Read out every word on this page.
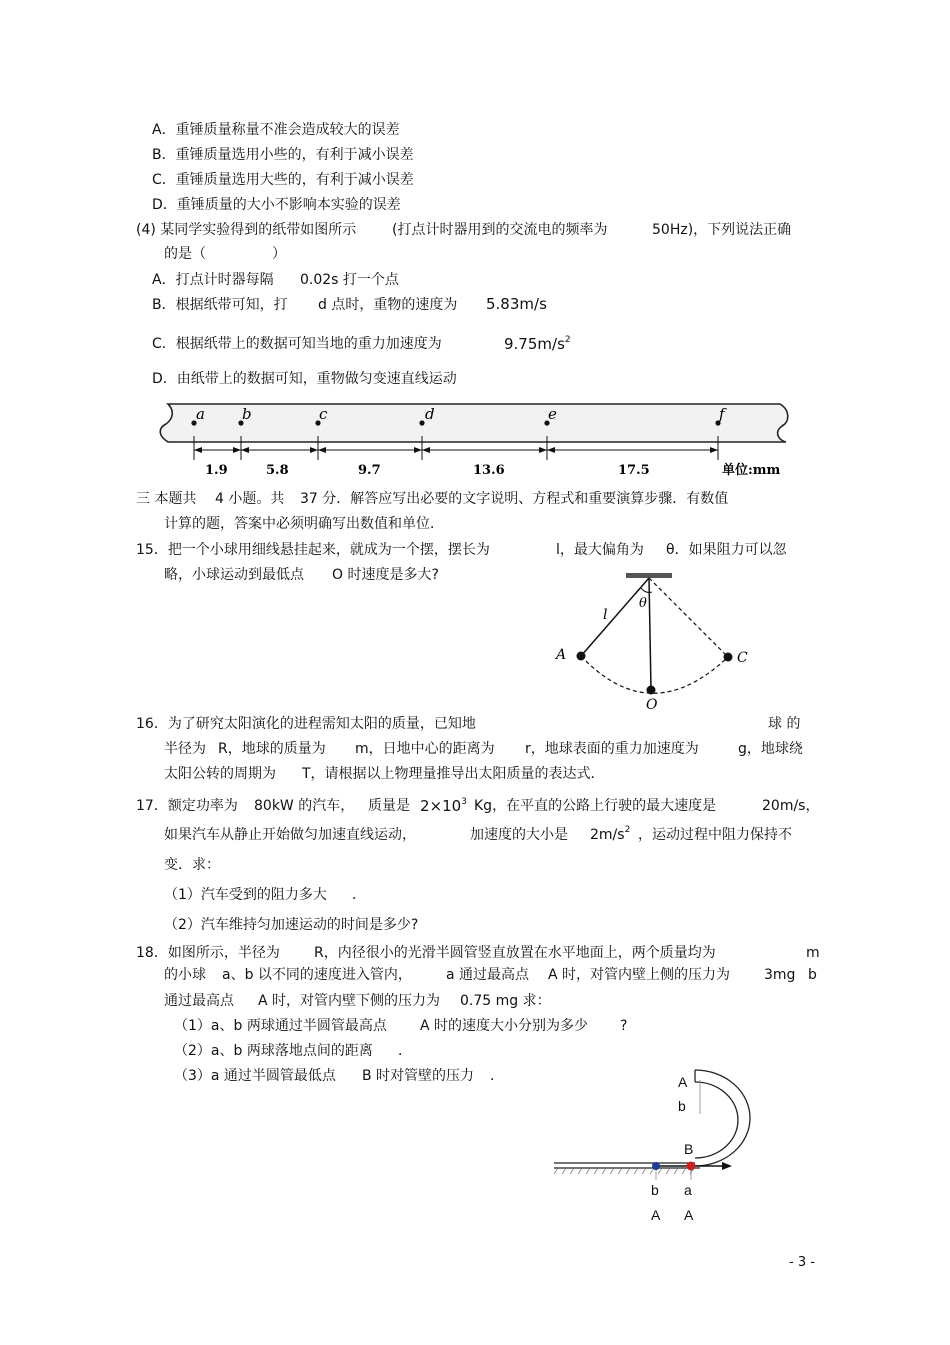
A．重锤质量称量不准会造成较大的误差
B．重锤质量选用小些的，有利于减小误差
C．重锤质量选用大些的，有利于减小误差
D．重锤质量的大小不影响本实验的误差
(4) 某同学实验得到的纸带如图所示	(打点计时器用到的交流电的频率为	50Hz)，下列说法正确
的是（	）
A．打点计时器每隔 0.02s 打一个点
B．根据纸带可知，打 d 点时，重物的速度为 5.83m/s
C．根据纸带上的数据可知当地的重力加速度为	$9.75m/s^2$
D．由纸带上的数据可知，重物做匀变速直线运动
a b	c	d	e	f
1.9	5.8	9.7	13.6	17.5	单位:mm
三 本题共 4 小题。共 37 分．解答应写出必要的文字说明、方程式和重要演算步骤．有数值
计算的题，答案中必须明确写出数值和单位．
15．把一个小球用细线悬挂起来，就成为一个摆，摆长为	l，最大偏角为 θ．如果阻力可以忽
略，小球运动到最低点 O 时速度是多大?
l
θ
A	C
O
16．为了研究太阳演化的进程需知太阳的质量，已知地	球 的
半径为 R，地球的质量为 m，日地中心的距离为 r，地球表面的重力加速度为	g，地球绕
太阳公转的周期为 T，请根据以上物理量推导出太阳质量的表达式．
17．额定功率为 80kW 的汽车， 质量是 $2\times 10^3$ Kg，在平直的公路上行驶的最大速度是	20m/s，
如果汽车从静止开始做匀加速直线运动，	加速度的大小是 $2m/s^2$ ，运动过程中阻力保持不
变．求：
（1）汽车受到的阻力多大 ．
（2）汽车维持匀加速运动的时间是多少?
18．如图所示，半径为 R，内径很小的光滑半圆管竖直放置在水平地面上，两个质量均为	m
的小球 a、b 以不同的速度进入管内， a 通过最高点 A 时，对管内壁上侧的压力为 3mg b
通过最高点 A 时，对管内壁下侧的压力为 0.75 mg 求：
（1）a、b 两球通过半圆管最高点 A 时的速度大小分别为多少 ?
（2）a、b 两球落地点间的距离 ．
（3）a 通过半圆管最低点 B 时对管壁的压力 ．	A
b
B
b a
A A
- 3 -
